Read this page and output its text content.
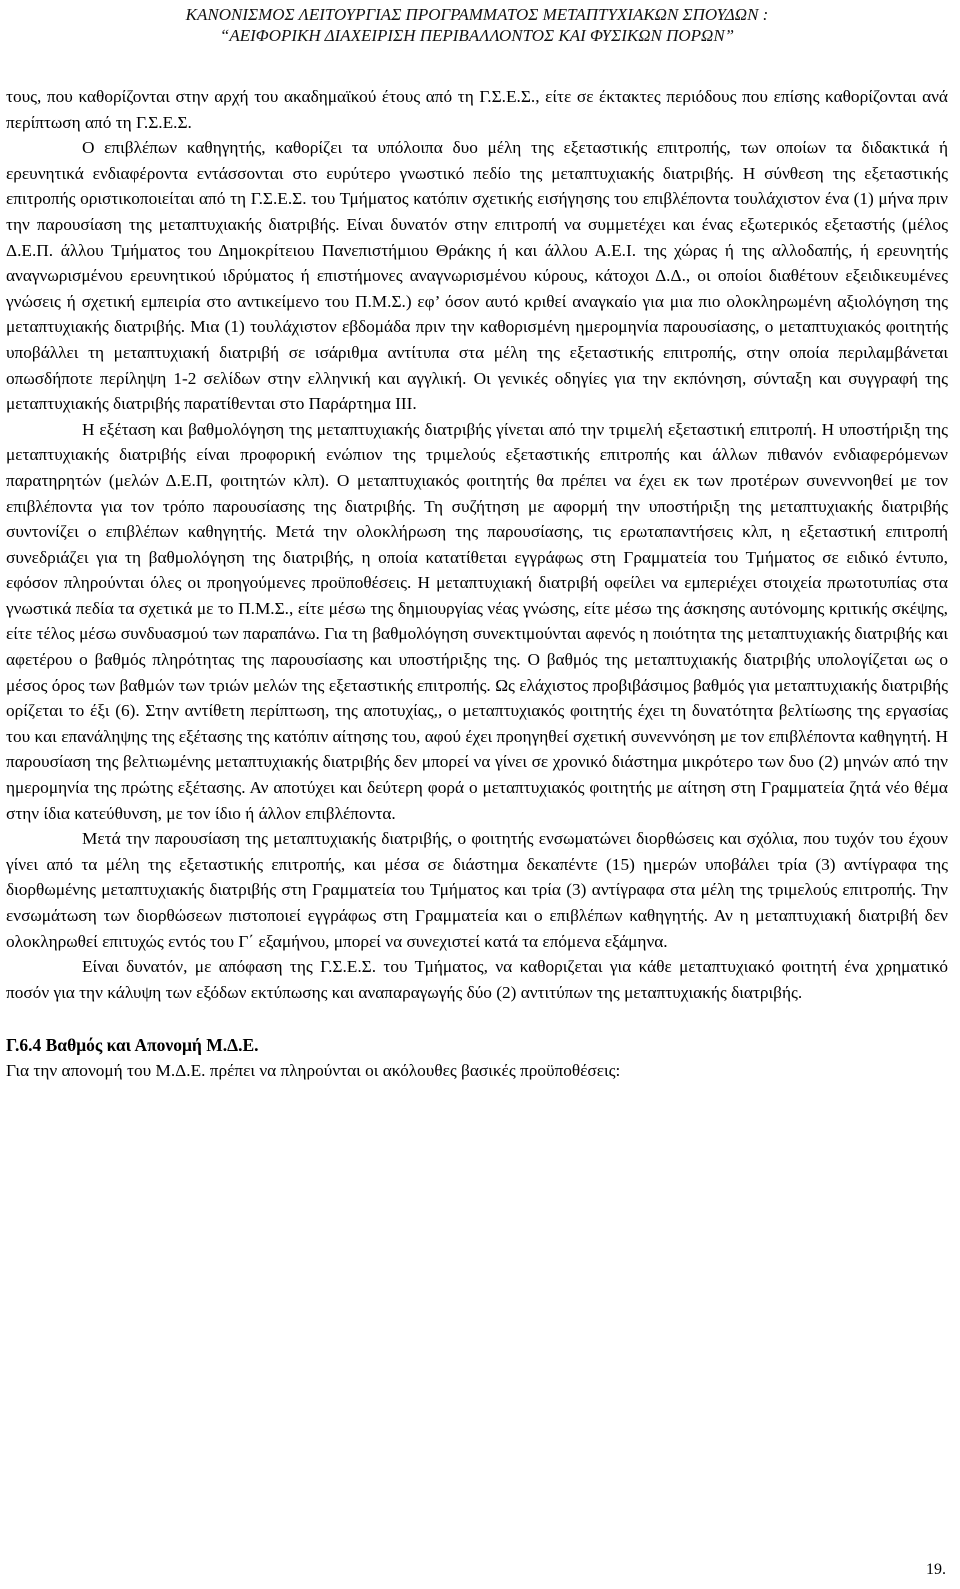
ΚΑΝΟΝΙΣΜΟΣ ΛΕΙΤΟΥΡΓΙΑΣ ΠΡΟΓΡΑΜΜΑΤΟΣ ΜΕΤΑΠΤΥΧΙΑΚΩΝ ΣΠΟΥΔΩΝ :
“ΑΕΙΦΟΡΙΚΗ ΔΙΑΧΕΙΡΙΣΗ ΠΕΡΙΒΑΛΛΟΝΤΟΣ ΚΑΙ ΦΥΣΙΚΩΝ ΠΟΡΩΝ”

τους, που καθορίζονται στην αρχή του ακαδημαϊκού έτους από τη Γ.Σ.Ε.Σ., είτε σε έκτακτες περιόδους που επίσης καθορίζονται ανά περίπτωση από τη Γ.Σ.Ε.Σ.

Ο επιβλέπων καθηγητής, καθορίζει τα υπόλοιπα δυο μέλη της εξεταστικής επιτροπής, των οποίων τα διδακτικά ή ερευνητικά ενδιαφέροντα εντάσσονται στο ευρύτερο γνωστικό πεδίο της μεταπτυχιακής διατριβής. Η σύνθεση της εξεταστικής επιτροπής οριστικοποιείται από τη Γ.Σ.Ε.Σ. του Τμήματος κατόπιν σχετικής εισήγησης του επιβλέποντα τουλάχιστον ένα (1) μήνα πριν την παρουσίαση της μεταπτυχιακής διατριβής. Είναι δυνατόν στην επιτροπή να συμμετέχει και ένας εξωτερικός εξεταστής (μέλος Δ.Ε.Π. άλλου Τμήματος του Δημοκρίτειου Πανεπιστήμιου Θράκης ή και άλλου Α.Ε.Ι. της χώρας ή της αλλοδαπής, ή ερευνητής αναγνωρισμένου ερευνητικού ιδρύματος ή επιστήμονες αναγνωρισμένου κύρους, κάτοχοι Δ.Δ., οι οποίοι διαθέτουν εξειδικευμένες γνώσεις ή σχετική εμπειρία στο αντικείμενο του Π.Μ.Σ.) εφ’ όσον αυτό κριθεί αναγκαίο για μια πιο ολοκληρωμένη αξιολόγηση της μεταπτυχιακής διατριβής. Μια (1) τουλάχιστον εβδομάδα πριν την καθορισμένη ημερομηνία παρουσίασης, ο μεταπτυχιακός φοιτητής υποβάλλει τη μεταπτυχιακή διατριβή σε ισάριθμα αντίτυπα στα μέλη της εξεταστικής επιτροπής, στην οποία περιλαμβάνεται οπωσδήποτε περίληψη 1-2 σελίδων στην ελληνική και αγγλική. Οι γενικές οδηγίες για την εκπόνηση, σύνταξη και συγγραφή της μεταπτυχιακής διατριβής παρατίθενται στο Παράρτημα ΙΙΙ.

Η εξέταση και βαθμολόγηση της μεταπτυχιακής διατριβής γίνεται από την τριμελή εξεταστική επιτροπή. Η υποστήριξη της μεταπτυχιακής διατριβής είναι προφορική ενώπιον της τριμελούς εξεταστικής επιτροπής και άλλων πιθανόν ενδιαφερόμενων παρατηρητών (μελών Δ.Ε.Π, φοιτητών κλπ). Ο μεταπτυχιακός φοιτητής θα πρέπει να έχει εκ των προτέρων συνεννοηθεί με τον επιβλέποντα για τον τρόπο παρουσίασης της διατριβής. Τη συζήτηση με αφορμή την υποστήριξη της μεταπτυχιακής διατριβής συντονίζει ο επιβλέπων καθηγητής. Μετά την ολοκλήρωση της παρουσίασης, τις ερωταπαντήσεις κλπ, η εξεταστική επιτροπή συνεδριάζει για τη βαθμολόγηση της διατριβής, η οποία κατατίθεται εγγράφως στη Γραμματεία του Τμήματος σε ειδικό έντυπο, εφόσον πληρούνται όλες οι προηγούμενες προϋποθέσεις. Η μεταπτυχιακή διατριβή οφείλει να εμπεριέχει στοιχεία πρωτοτυπίας στα γνωστικά πεδία τα σχετικά με το Π.Μ.Σ., είτε μέσω της δημιουργίας νέας γνώσης, είτε μέσω της άσκησης αυτόνομης κριτικής σκέψης, είτε τέλος μέσω συνδυασμού των παραπάνω. Για τη βαθμολόγηση συνεκτιμούνται αφενός η ποιότητα της μεταπτυχιακής διατριβής και αφετέρου ο βαθμός πληρότητας της παρουσίασης και υποστήριξης της. Ο βαθμός της μεταπτυχιακής διατριβής υπολογίζεται ως ο μέσος όρος των βαθμών των τριών μελών της εξεταστικής επιτροπής. Ως ελάχιστος προβιβάσιμος βαθμός για μεταπτυχιακής διατριβής ορίζεται το έξι (6). Στην αντίθετη περίπτωση, της αποτυχίας,, ο μεταπτυχιακός φοιτητής έχει τη δυνατότητα βελτίωσης της εργασίας του και επανάληψης της εξέτασης της κατόπιν αίτησης του, αφού έχει προηγηθεί σχετική συνεννόηση με τον επιβλέποντα καθηγητή. Η παρουσίαση της βελτιωμένης μεταπτυχιακής διατριβής δεν μπορεί να γίνει σε χρονικό διάστημα μικρότερο των δυο (2) μηνών από την ημερομηνία της πρώτης εξέτασης. Αν αποτύχει και δεύτερη φορά ο μεταπτυχιακός φοιτητής με αίτηση στη Γραμματεία ζητά νέο θέμα στην ίδια κατεύθυνση, με τον ίδιο ή άλλον επιβλέποντα.

Μετά την παρουσίαση της μεταπτυχιακής διατριβής, ο φοιτητής ενσωματώνει διορθώσεις και σχόλια, που τυχόν του έχουν γίνει από τα μέλη της εξεταστικής επιτροπής, και μέσα σε διάστημα δεκαπέντε (15) ημερών υποβάλει τρία (3) αντίγραφα της διορθωμένης μεταπτυχιακής διατριβής στη Γραμματεία του Τμήματος και τρία (3) αντίγραφα στα μέλη της τριμελούς επιτροπής. Την ενσωμάτωση των διορθώσεων πιστοποιεί εγγράφως στη Γραμματεία και ο επιβλέπων καθηγητής. Αν η μεταπτυχιακή διατριβή δεν ολοκληρωθεί επιτυχώς εντός του Γ΄ εξαμήνου, μπορεί να συνεχιστεί κατά τα επόμενα εξάμηνα.

Είναι δυνατόν, με απόφαση της Γ.Σ.Ε.Σ. του Τμήματος, να καθοριζεται για κάθε μεταπτυχιακό φοιτητή ένα χρηματικό ποσόν για την κάλυψη των εξόδων εκτύπωσης και αναπαραγωγής δύο (2) αντιτύπων της μεταπτυχιακής διατριβής.

Γ.6.4 Βαθμός και Απονομή Μ.Δ.Ε.

Για την απονομή του Μ.Δ.Ε. πρέπει να πληρούνται οι ακόλουθες βασικές προϋποθέσεις:

19.
